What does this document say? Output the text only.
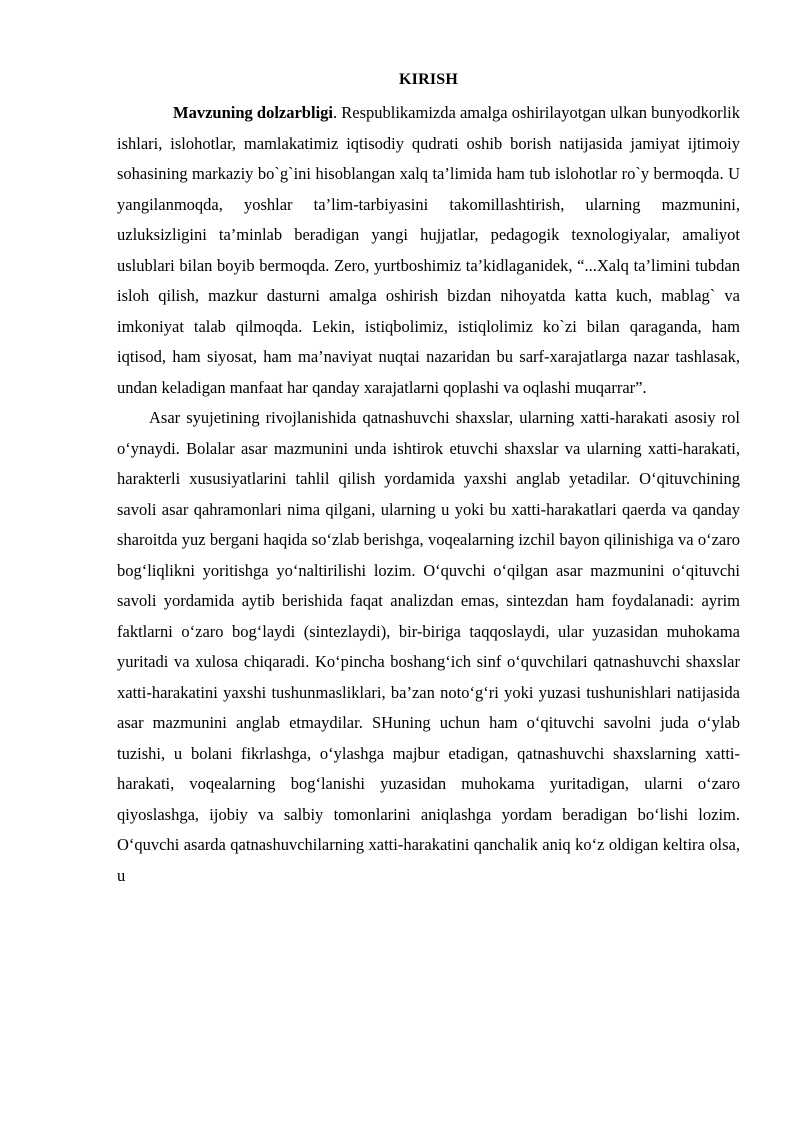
KIRISH

Mavzuning dolzarbligi. Respublikamizda amalga oshirilayotgan ulkan bunyodkorlik ishlari, islohotlar, mamlakatimiz iqtisodiy qudrati oshib borish natijasida jamiyat ijtimoiy sohasining markaziy bo`g`ini hisoblangan xalq ta’limida ham tub islohotlar ro`y bermoqda. U yangilanmoqda, yoshlar ta’lim-tarbiyasini takomillashtirish, ularning mazmunini, uzluksizligini ta’minlab beradigan yangi hujjatlar, pedagogik texnologiyalar, amaliyot uslublari bilan boyib bermoqda. Zero, yurtboshimiz ta’kidlaganidek, “...Xalq ta’limini tubdan isloh qilish, mazkur dasturni amalga oshirish bizdan nihoyatda katta kuch, mablag` va imkoniyat talab qilmoqda. Lekin, istiqbolimiz, istiqlolimiz ko`zi bilan qaraganda, ham iqtisod, ham siyosat, ham ma’naviyat nuqtai nazaridan bu sarf-xarajatlarga nazar tashlasak, undan keladigan manfaat har qanday xarajatlarni qoplashi va oqlashi muqarrar”.

Asar syujetining rivojlanishida qatnashuvchi shaxslar, ularning xatti-harakati asosiy rol o‘ynaydi. Bolalar asar mazmunini unda ishtirok etuvchi shaxslar va ularning xatti-harakati, harakterli xususiyatlarini tahlil qilish yordamida yaxshi anglab yetadilar. O‘qituvchining savoli asar qahramonlari nima qilgani, ularning u yoki bu xatti-harakatlari qaerda va qanday sharoitda yuz bergani haqida so‘zlab berishga, voqealarning izchil bayon qilinishiga va o‘zaro bog‘liqlikni yoritishga yo‘naltirilishi lozim. O‘quvchi o‘qilgan asar mazmunini o‘qituvchi savoli yordamida aytib berishida faqat analizdan emas, sintezdan ham foydalanadi: ayrim faktlarni o‘zaro bog‘laydi (sintezlaydi), bir-biriga taqqoslaydi, ular yuzasidan muhokama yuritadi va xulosa chiqaradi. Ko‘pincha boshang‘ich sinf o‘quvchilari qatnashuvchi shaxslar xatti-harakatini yaxshi tushunmasliklari, ba’zan noto‘g‘ri yoki yuzasi tushunishlari natijasida asar mazmunini anglab etmaydilar. SHuning uchun ham o‘qituvchi savolni juda o‘ylab tuzishi, u bolani fikrlashga, o‘ylashga majbur etadigan, qatnashuvchi shaxslarning xatti-harakati, voqealarning bog‘lanishi yuzasidan muhokama yuritadigan, ularni o‘zaro qiyoslashga, ijobiy va salbiy tomonlarini aniqlashga yordam beradigan bo‘lishi lozim. O‘quvchi asarda qatnashuvchilarning xatti-harakatini qanchalik aniq ko‘z oldigan keltira olsa, u
